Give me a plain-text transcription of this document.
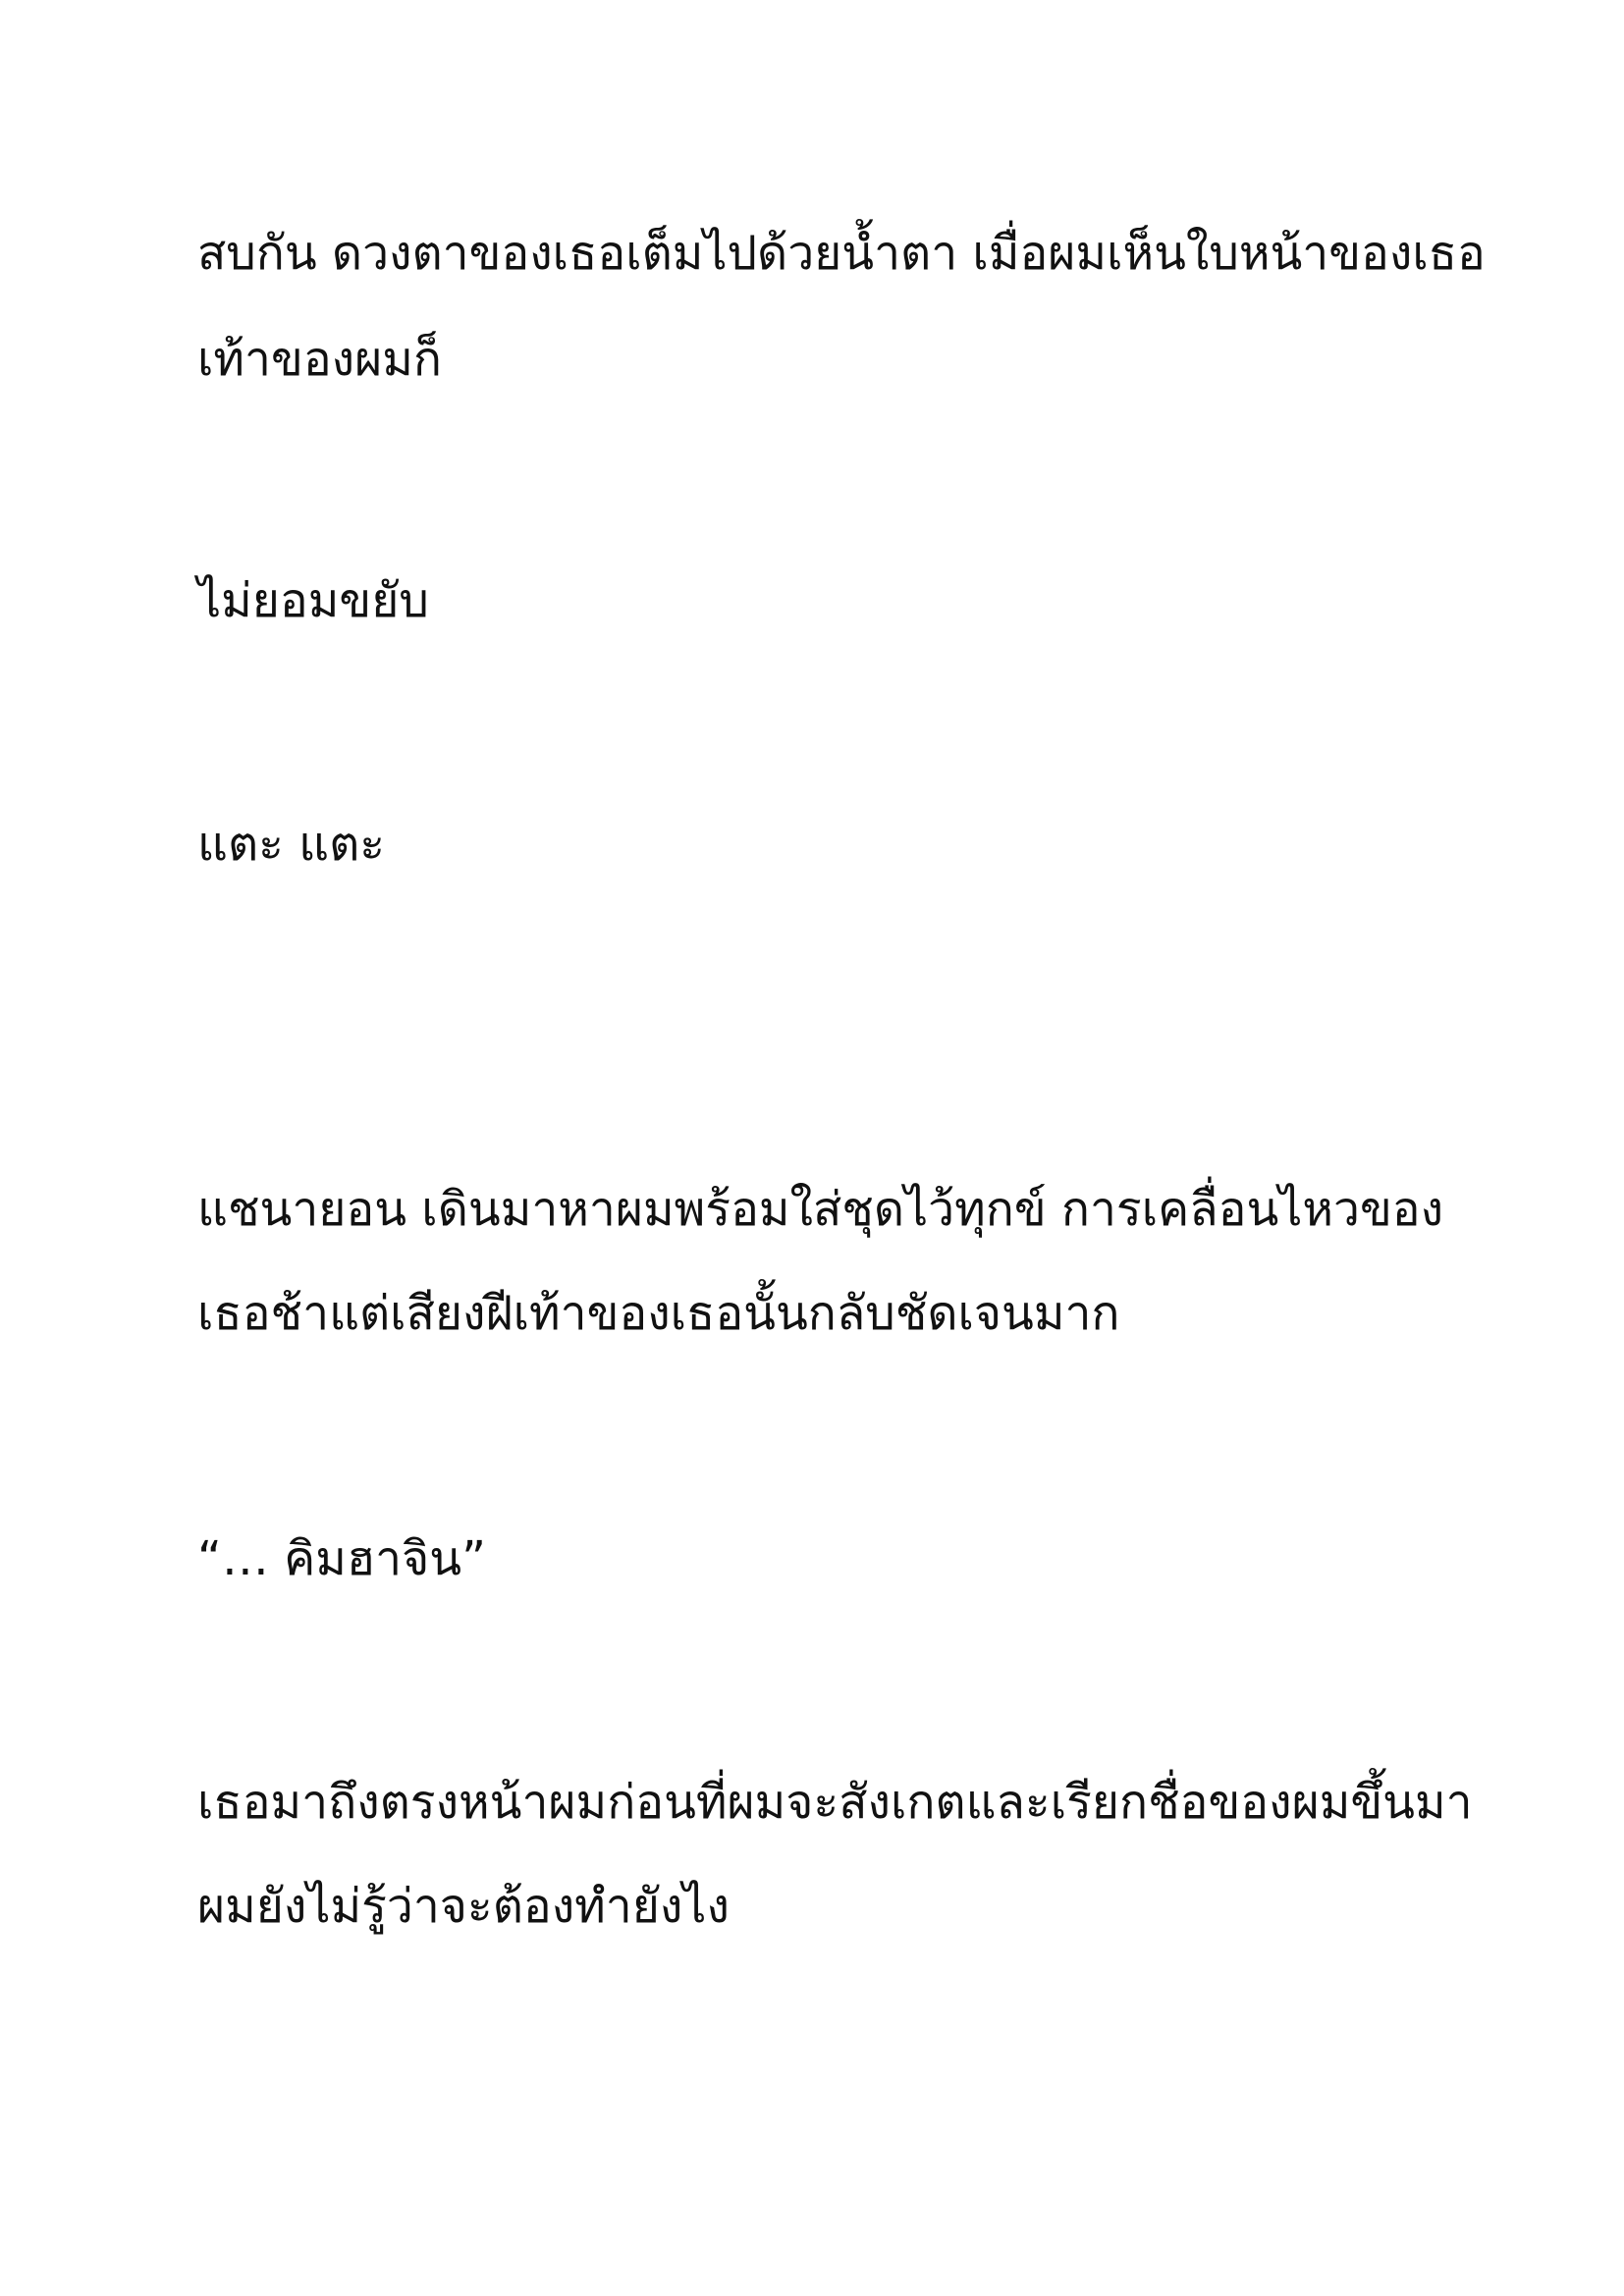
สบกัน ดวงตาของเธอเต็มไปด้วยน้ำตา เมื่อผมเห็นใบหน้าของเธอ
เท้าของผมก็
ไม่ยอมขยับ
แตะ แตะ
แชนายอน เดินมาหาผมพร้อมใส่ชุดไว้ทุกข์ การเคลื่อนไหวของ
เธอช้าแต่เสียงฝีเท้าของเธอนั้นกลับชัดเจนมาก
“… คิมฮาจิน”
เธอมาถึงตรงหน้าผมก่อนที่ผมจะสังเกตและเรียกชื่อของผมขึ้นมา
ผมยังไม่รู้ว่าจะต้องทำยังไง
